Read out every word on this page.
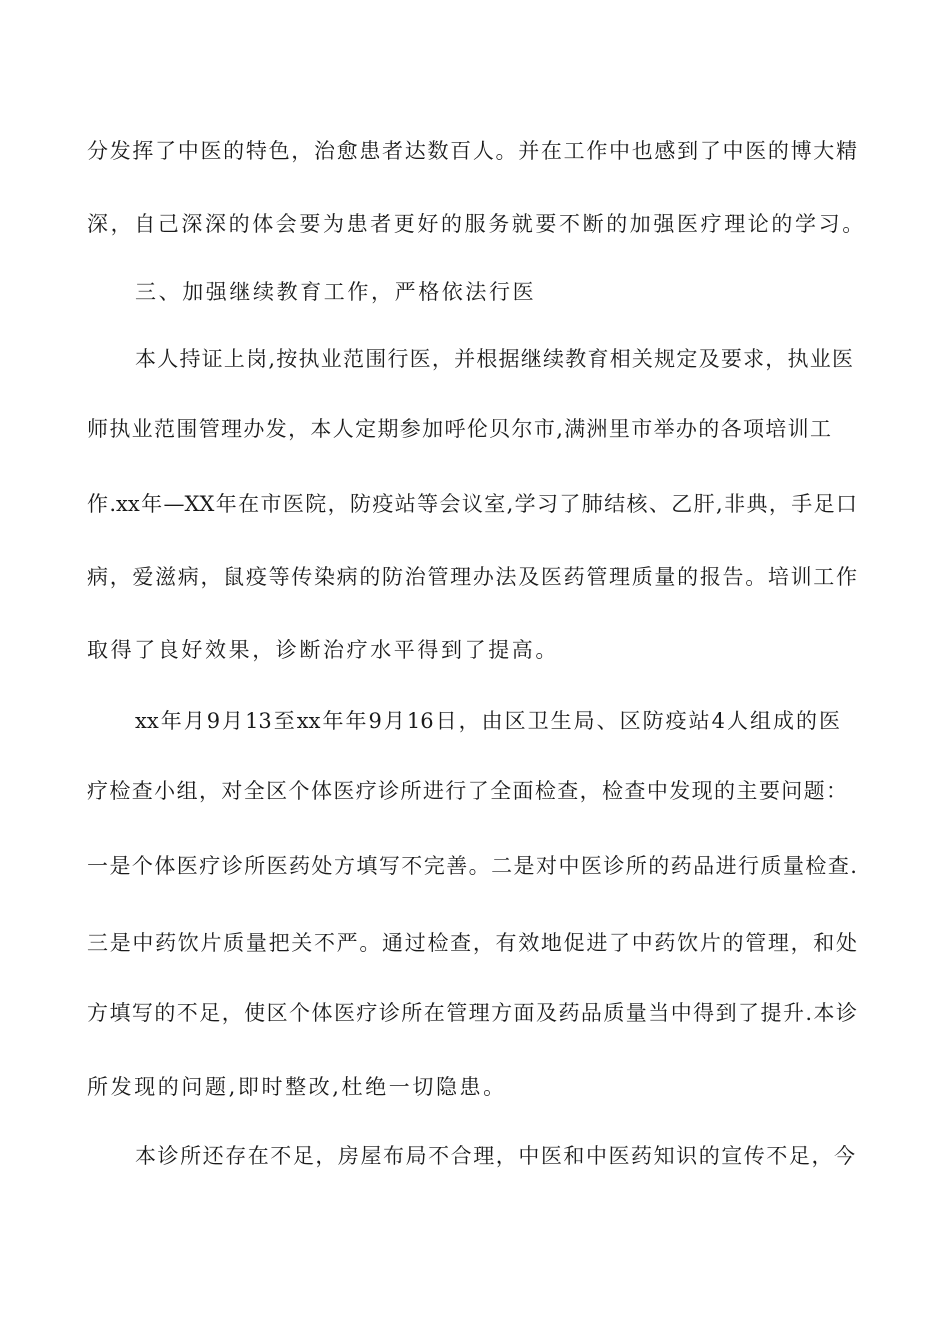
分发挥了中医的特色，治愈患者达数百人。并在工作中也感到了中医的博大精
深，自己深深的体会要为患者更好的服务就要不断的加强医疗理论的学习。
三、加强继续教育工作，严格依法行医
本人持证上岗,按执业范围行医，并根据继续教育相关规定及要求，执业医
师执业范围管理办发，本人定期参加呼伦贝尔市,满洲里市举办的各项培训工
作.xx年—XX年在市医院，防疫站等会议室,学习了肺结核、乙肝,非典，手足口
病，爱滋病，鼠疫等传染病的防治管理办法及医药管理质量的报告。培训工作
取得了良好效果，诊断治疗水平得到了提高。
xx年月9月13至xx年年9月16日，由区卫生局、区防疫站4人组成的医
疗检查小组，对全区个体医疗诊所进行了全面检查，检查中发现的主要问题：
一是个体医疗诊所医药处方填写不完善。二是对中医诊所的药品进行质量检查.
三是中药饮片质量把关不严。通过检查，有效地促进了中药饮片的管理，和处
方填写的不足，使区个体医疗诊所在管理方面及药品质量当中得到了提升.本诊
所发现的问题,即时整改,杜绝一切隐患。
本诊所还存在不足，房屋布局不合理，中医和中医药知识的宣传不足，今
